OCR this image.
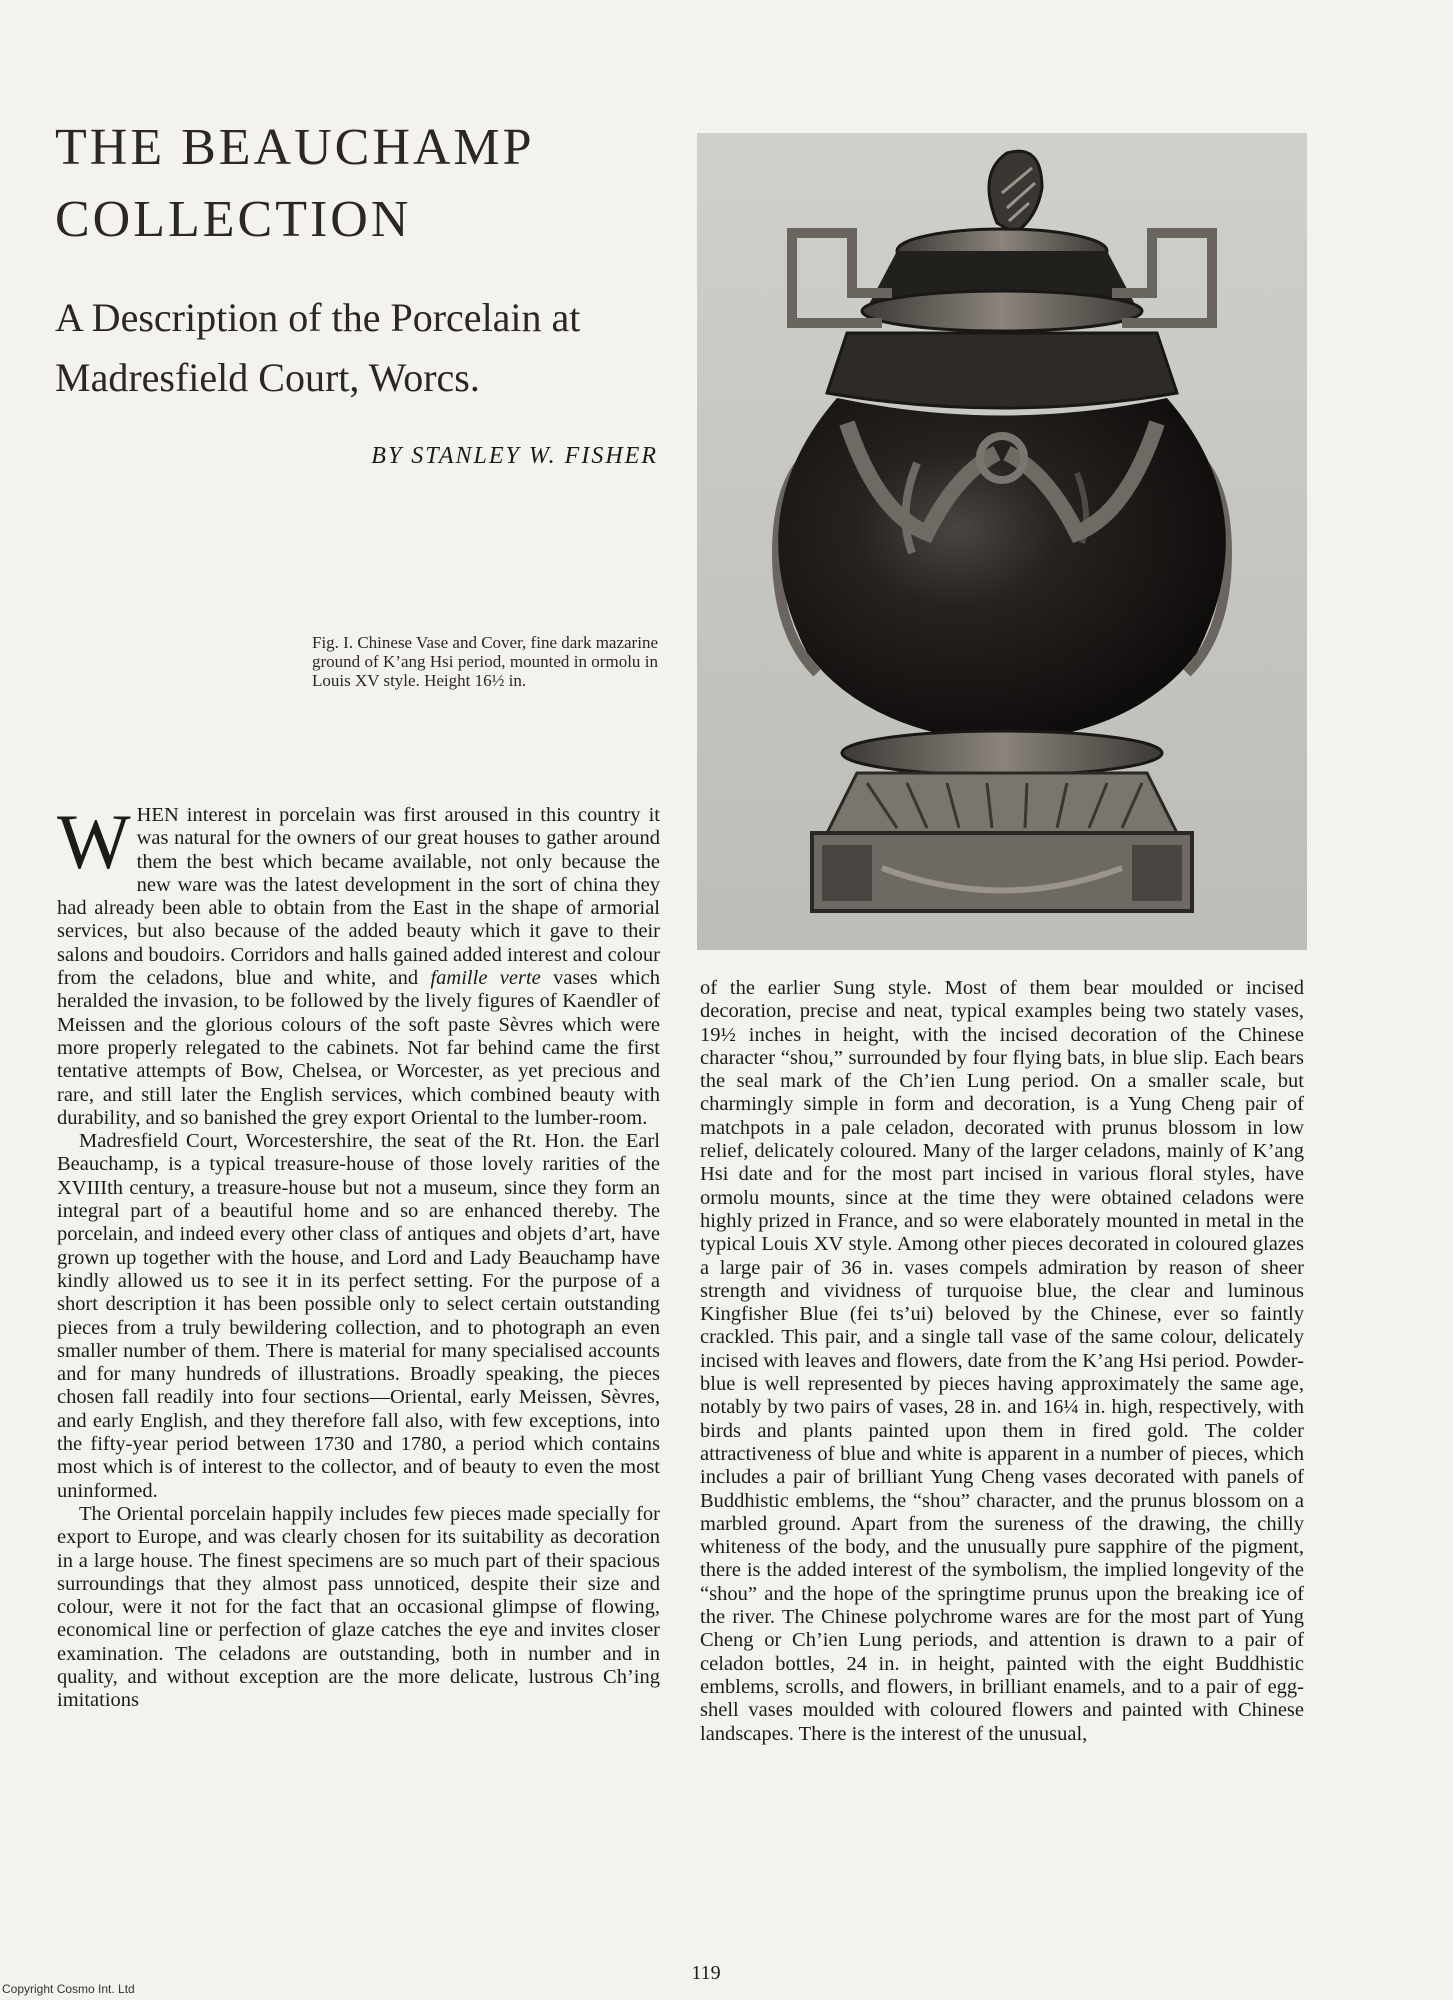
THE BEAUCHAMP
COLLECTION
A Description of the Porcelain at Madresfield Court, Worcs.

BY STANLEY W. FISHER

Fig. I. Chinese Vase and Cover, fine dark mazarine ground of K’ang Hsi period, mounted in ormolu in Louis XV style. Height 16½ in.

WHEN interest in porcelain was first aroused in this country it was natural for the owners of our great houses to gather around them the best which became available, not only because the new ware was the latest development in the sort of china they had already been able to obtain from the East in the shape of armorial services, but also because of the added beauty which it gave to their salons and boudoirs. Corridors and halls gained added interest and colour from the celadons, blue and white, and famille verte vases which heralded the invasion, to be followed by the lively figures of Kaendler of Meissen and the glorious colours of the soft paste Sèvres which were more properly relegated to the cabinets. Not far behind came the first tentative attempts of Bow, Chelsea, or Worcester, as yet precious and rare, and still later the English services, which combined beauty with durability, and so banished the grey export Oriental to the lumber-room.

Madresfield Court, Worcestershire, the seat of the Rt. Hon. the Earl Beauchamp, is a typical treasure-house of those lovely rarities of the XVIIIth century, a treasure-house but not a museum, since they form an integral part of a beautiful home and so are enhanced thereby. The porcelain, and indeed every other class of antiques and objets d’art, have grown up together with the house, and Lord and Lady Beauchamp have kindly allowed us to see it in its perfect setting. For the purpose of a short description it has been possible only to select certain outstanding pieces from a truly bewildering collection, and to photograph an even smaller number of them. There is material for many specialised accounts and for many hundreds of illustrations. Broadly speaking, the pieces chosen fall readily into four sections—Oriental, early Meissen, Sèvres, and early English, and they therefore fall also, with few exceptions, into the fifty-year period between 1730 and 1780, a period which contains most which is of interest to the collector, and of beauty to even the most uninformed.

The Oriental porcelain happily includes few pieces made specially for export to Europe, and was clearly chosen for its suitability as decoration in a large house. The finest specimens are so much part of their spacious surroundings that they almost pass unnoticed, despite their size and colour, were it not for the fact that an occasional glimpse of flowing, economical line or perfection of glaze catches the eye and invites closer examination. The celadons are outstanding, both in number and in quality, and without exception are the more delicate, lustrous Ch’ing imitations

of the earlier Sung style. Most of them bear moulded or incised decoration, precise and neat, typical examples being two stately vases, 19½ inches in height, with the incised decoration of the Chinese character “shou,” surrounded by four flying bats, in blue slip. Each bears the seal mark of the Ch’ien Lung period. On a smaller scale, but charmingly simple in form and decoration, is a Yung Cheng pair of matchpots in a pale celadon, decorated with prunus blossom in low relief, delicately coloured. Many of the larger celadons, mainly of K’ang Hsi date and for the most part incised in various floral styles, have ormolu mounts, since at the time they were obtained celadons were highly prized in France, and so were elaborately mounted in metal in the typical Louis XV style. Among other pieces decorated in coloured glazes a large pair of 36 in. vases compels admiration by reason of sheer strength and vividness of turquoise blue, the clear and luminous Kingfisher Blue (fei ts’ui) beloved by the Chinese, ever so faintly crackled. This pair, and a single tall vase of the same colour, delicately incised with leaves and flowers, date from the K’ang Hsi period. Powder-blue is well represented by pieces having approximately the same age, notably by two pairs of vases, 28 in. and 16¼ in. high, respectively, with birds and plants painted upon them in fired gold. The colder attractiveness of blue and white is apparent in a number of pieces, which includes a pair of brilliant Yung Cheng vases decorated with panels of Buddhistic emblems, the “shou” character, and the prunus blossom on a marbled ground. Apart from the sureness of the drawing, the chilly whiteness of the body, and the unusually pure sapphire of the pigment, there is the added interest of the symbolism, the implied longevity of the “shou” and the hope of the springtime prunus upon the breaking ice of the river. The Chinese polychrome wares are for the most part of Yung Cheng or Ch’ien Lung periods, and attention is drawn to a pair of celadon bottles, 24 in. in height, painted with the eight Buddhistic emblems, scrolls, and flowers, in brilliant enamels, and to a pair of egg-shell vases moulded with coloured flowers and painted with Chinese landscapes. There is the interest of the unusual,

119

Copyright Cosmo Int. Ltd
